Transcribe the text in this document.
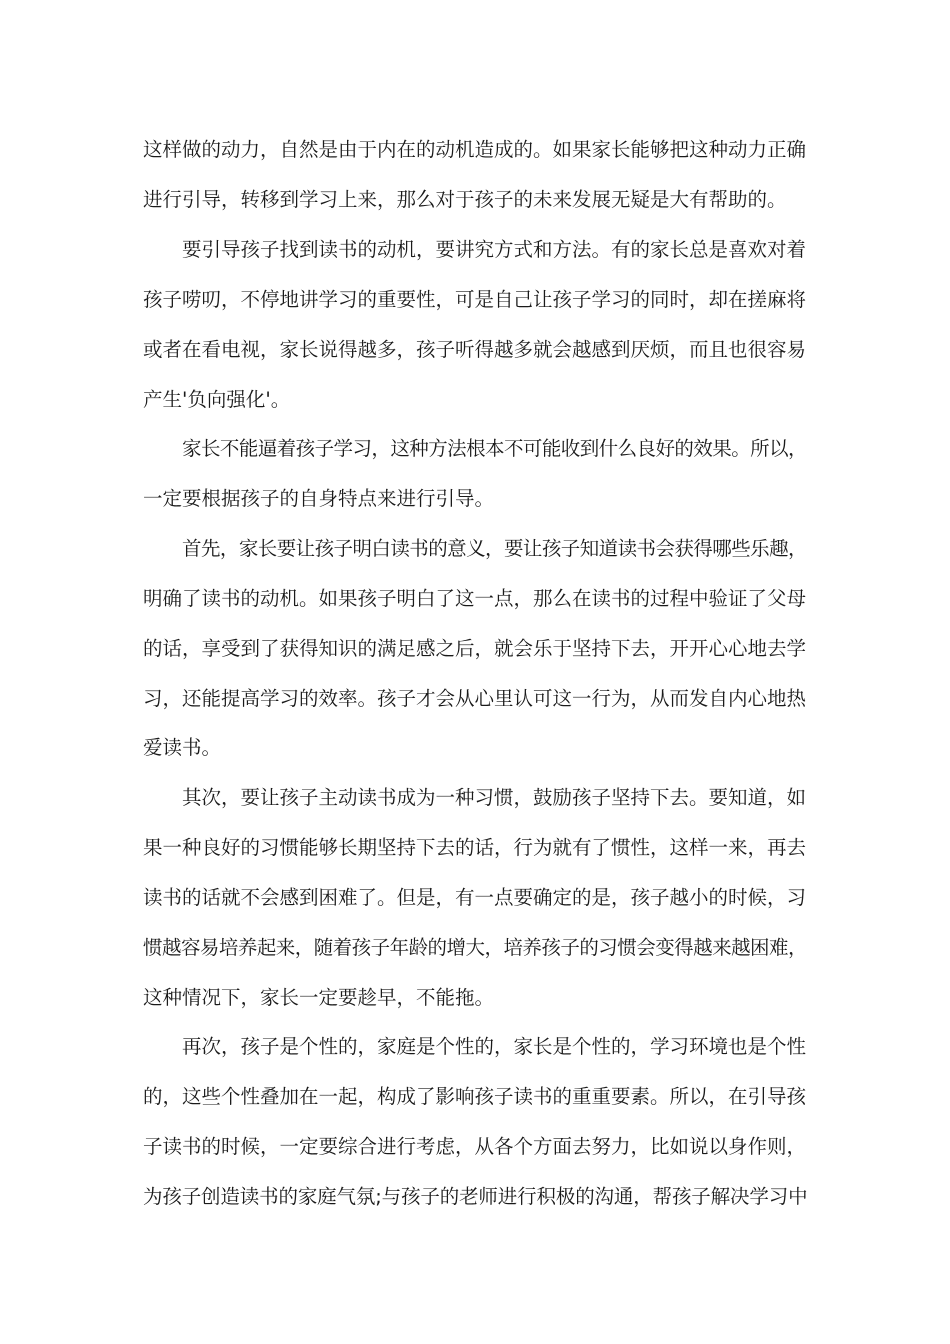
这样做的动力，自然是由于内在的动机造成的。如果家长能够把这种动力正确
进行引导，转移到学习上来，那么对于孩子的未来发展无疑是大有帮助的。
要引导孩子找到读书的动机，要讲究方式和方法。有的家长总是喜欢对着
孩子唠叨，不停地讲学习的重要性，可是自己让孩子学习的同时，却在搓麻将
或者在看电视，家长说得越多，孩子听得越多就会越感到厌烦，而且也很容易
产生'负向强化'。
家长不能逼着孩子学习，这种方法根本不可能收到什么良好的效果。所以，
一定要根据孩子的自身特点来进行引导。
首先，家长要让孩子明白读书的意义，要让孩子知道读书会获得哪些乐趣，
明确了读书的动机。如果孩子明白了这一点，那么在读书的过程中验证了父母
的话，享受到了获得知识的满足感之后，就会乐于坚持下去，开开心心地去学
习，还能提高学习的效率。孩子才会从心里认可这一行为，从而发自内心地热
爱读书。
其次，要让孩子主动读书成为一种习惯，鼓励孩子坚持下去。要知道，如
果一种良好的习惯能够长期坚持下去的话，行为就有了惯性，这样一来，再去
读书的话就不会感到困难了。但是，有一点要确定的是，孩子越小的时候，习
惯越容易培养起来，随着孩子年龄的增大，培养孩子的习惯会变得越来越困难，
这种情况下，家长一定要趁早，不能拖。
再次，孩子是个性的，家庭是个性的，家长是个性的，学习环境也是个性
的，这些个性叠加在一起，构成了影响孩子读书的重重要素。所以，在引导孩
子读书的时候，一定要综合进行考虑，从各个方面去努力，比如说以身作则，
为孩子创造读书的家庭气氛;与孩子的老师进行积极的沟通，帮孩子解决学习中
